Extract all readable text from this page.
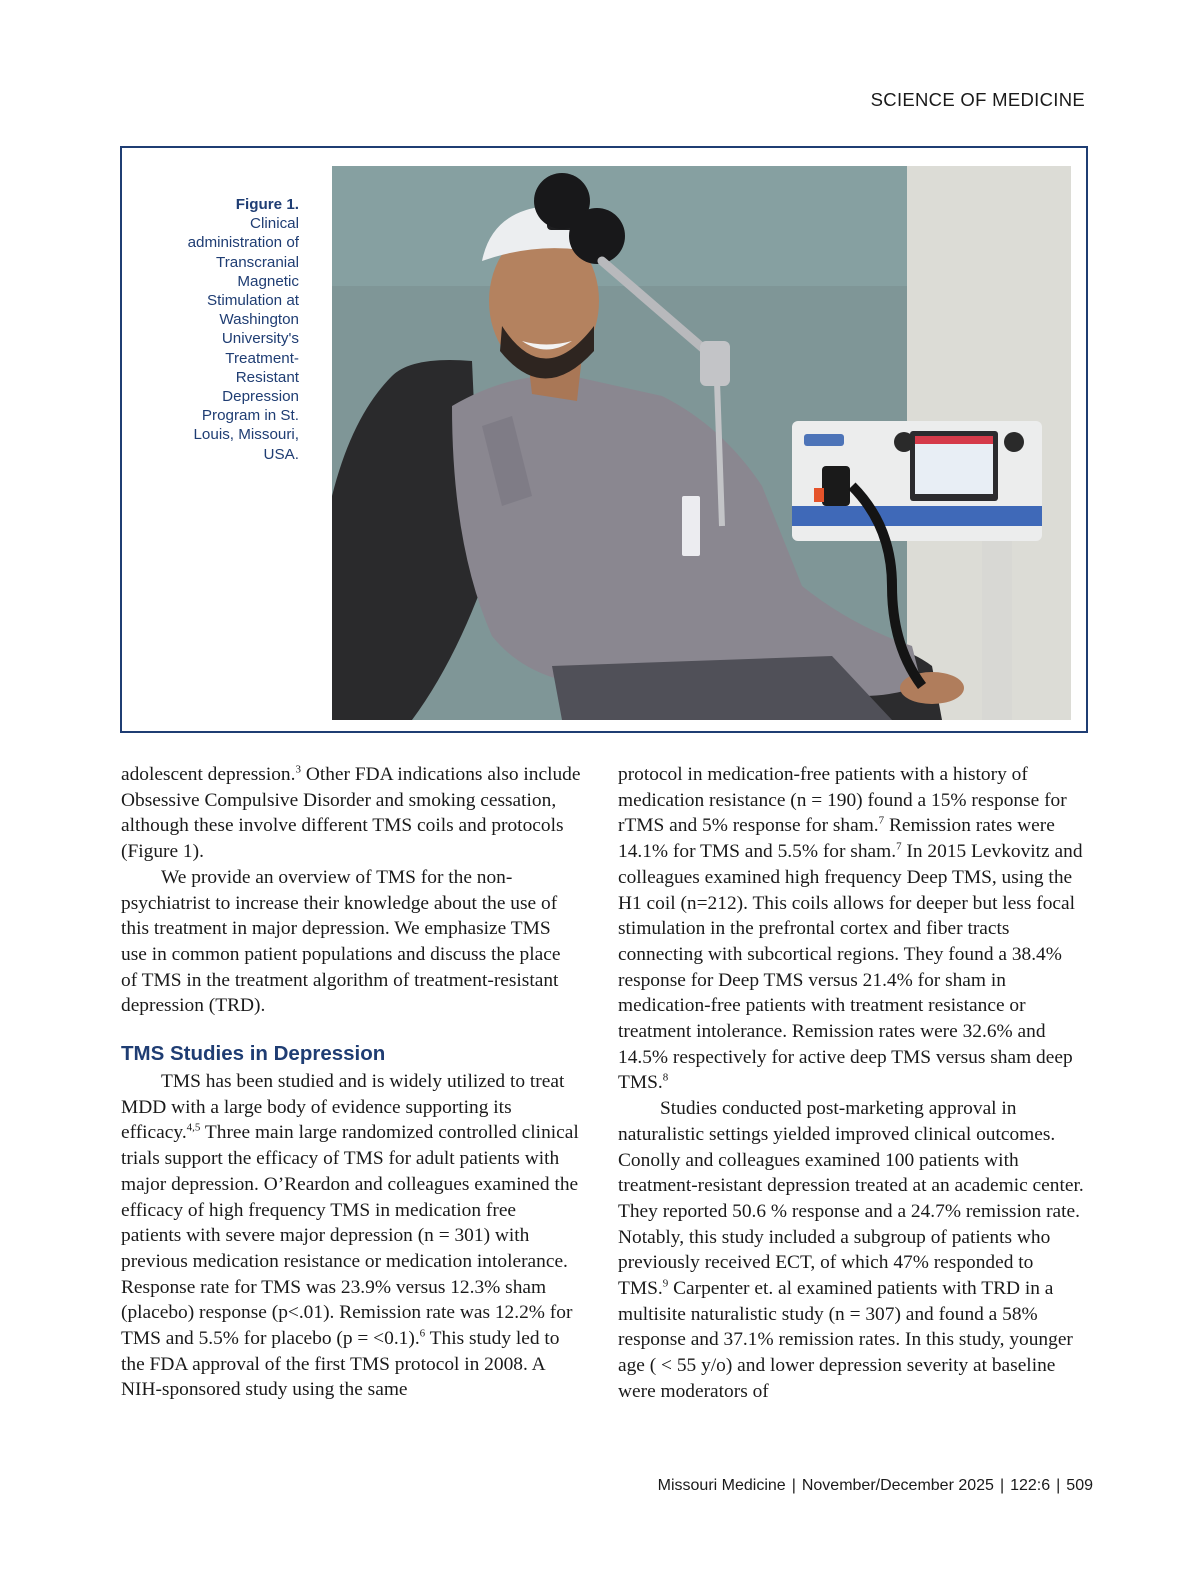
SCIENCE OF MEDICINE
Figure 1.
Clinical administration of Transcranial Magnetic Stimulation at Washington University's Treatment-Resistant Depression Program in St. Louis, Missouri, USA.

adolescent depression.$^3$ Other FDA indications also include Obsessive Compulsive Disorder and smoking cessation, although these involve different TMS coils and protocols (Figure 1).

We provide an overview of TMS for the non-psychiatrist to increase their knowledge about the use of this treatment in major depression. We emphasize TMS use in common patient populations and discuss the place of TMS in the treatment algorithm of treatment-resistant depression (TRD).

TMS Studies in Depression

TMS has been studied and is widely utilized to treat MDD with a large body of evidence supporting its efficacy.$^{4,5}$ Three main large randomized controlled clinical trials support the efficacy of TMS for adult patients with major depression. O’Reardon and colleagues examined the efficacy of high frequency TMS in medication free patients with severe major depression (n = 301) with previous medication resistance or medication intolerance. Response rate for TMS was 23.9% versus 12.3% sham (placebo) response (p<.01). Remission rate was 12.2% for TMS and 5.5% for placebo (p = <0.1).$^6$ This study led to the FDA approval of the first TMS protocol in 2008. A NIH-sponsored study using the same

protocol in medication-free patients with a history of medication resistance (n = 190) found a 15% response for rTMS and 5% response for sham.$^7$ Remission rates were 14.1% for TMS and 5.5% for sham.$^7$ In 2015 Levkovitz and colleagues examined high frequency Deep TMS, using the H1 coil (n=212). This coils allows for deeper but less focal stimulation in the prefrontal cortex and fiber tracts connecting with subcortical regions. They found a 38.4% response for Deep TMS versus 21.4% for sham in medication-free patients with treatment resistance or treatment intolerance. Remission rates were 32.6% and 14.5% respectively for active deep TMS versus sham deep TMS.$^8$

Studies conducted post-marketing approval in naturalistic settings yielded improved clinical outcomes. Conolly and colleagues examined 100 patients with treatment-resistant depression treated at an academic center. They reported 50.6 % response and a 24.7% remission rate. Notably, this study included a subgroup of patients who previously received ECT, of which 47% responded to TMS.$^9$ Carpenter et. al examined patients with TRD in a multisite naturalistic study (n = 307) and found a 58% response and 37.1% remission rates. In this study, younger age ( < 55 y/o) and lower depression severity at baseline were moderators of

Missouri Medicine | November/December 2025 | 122:6 | 509
